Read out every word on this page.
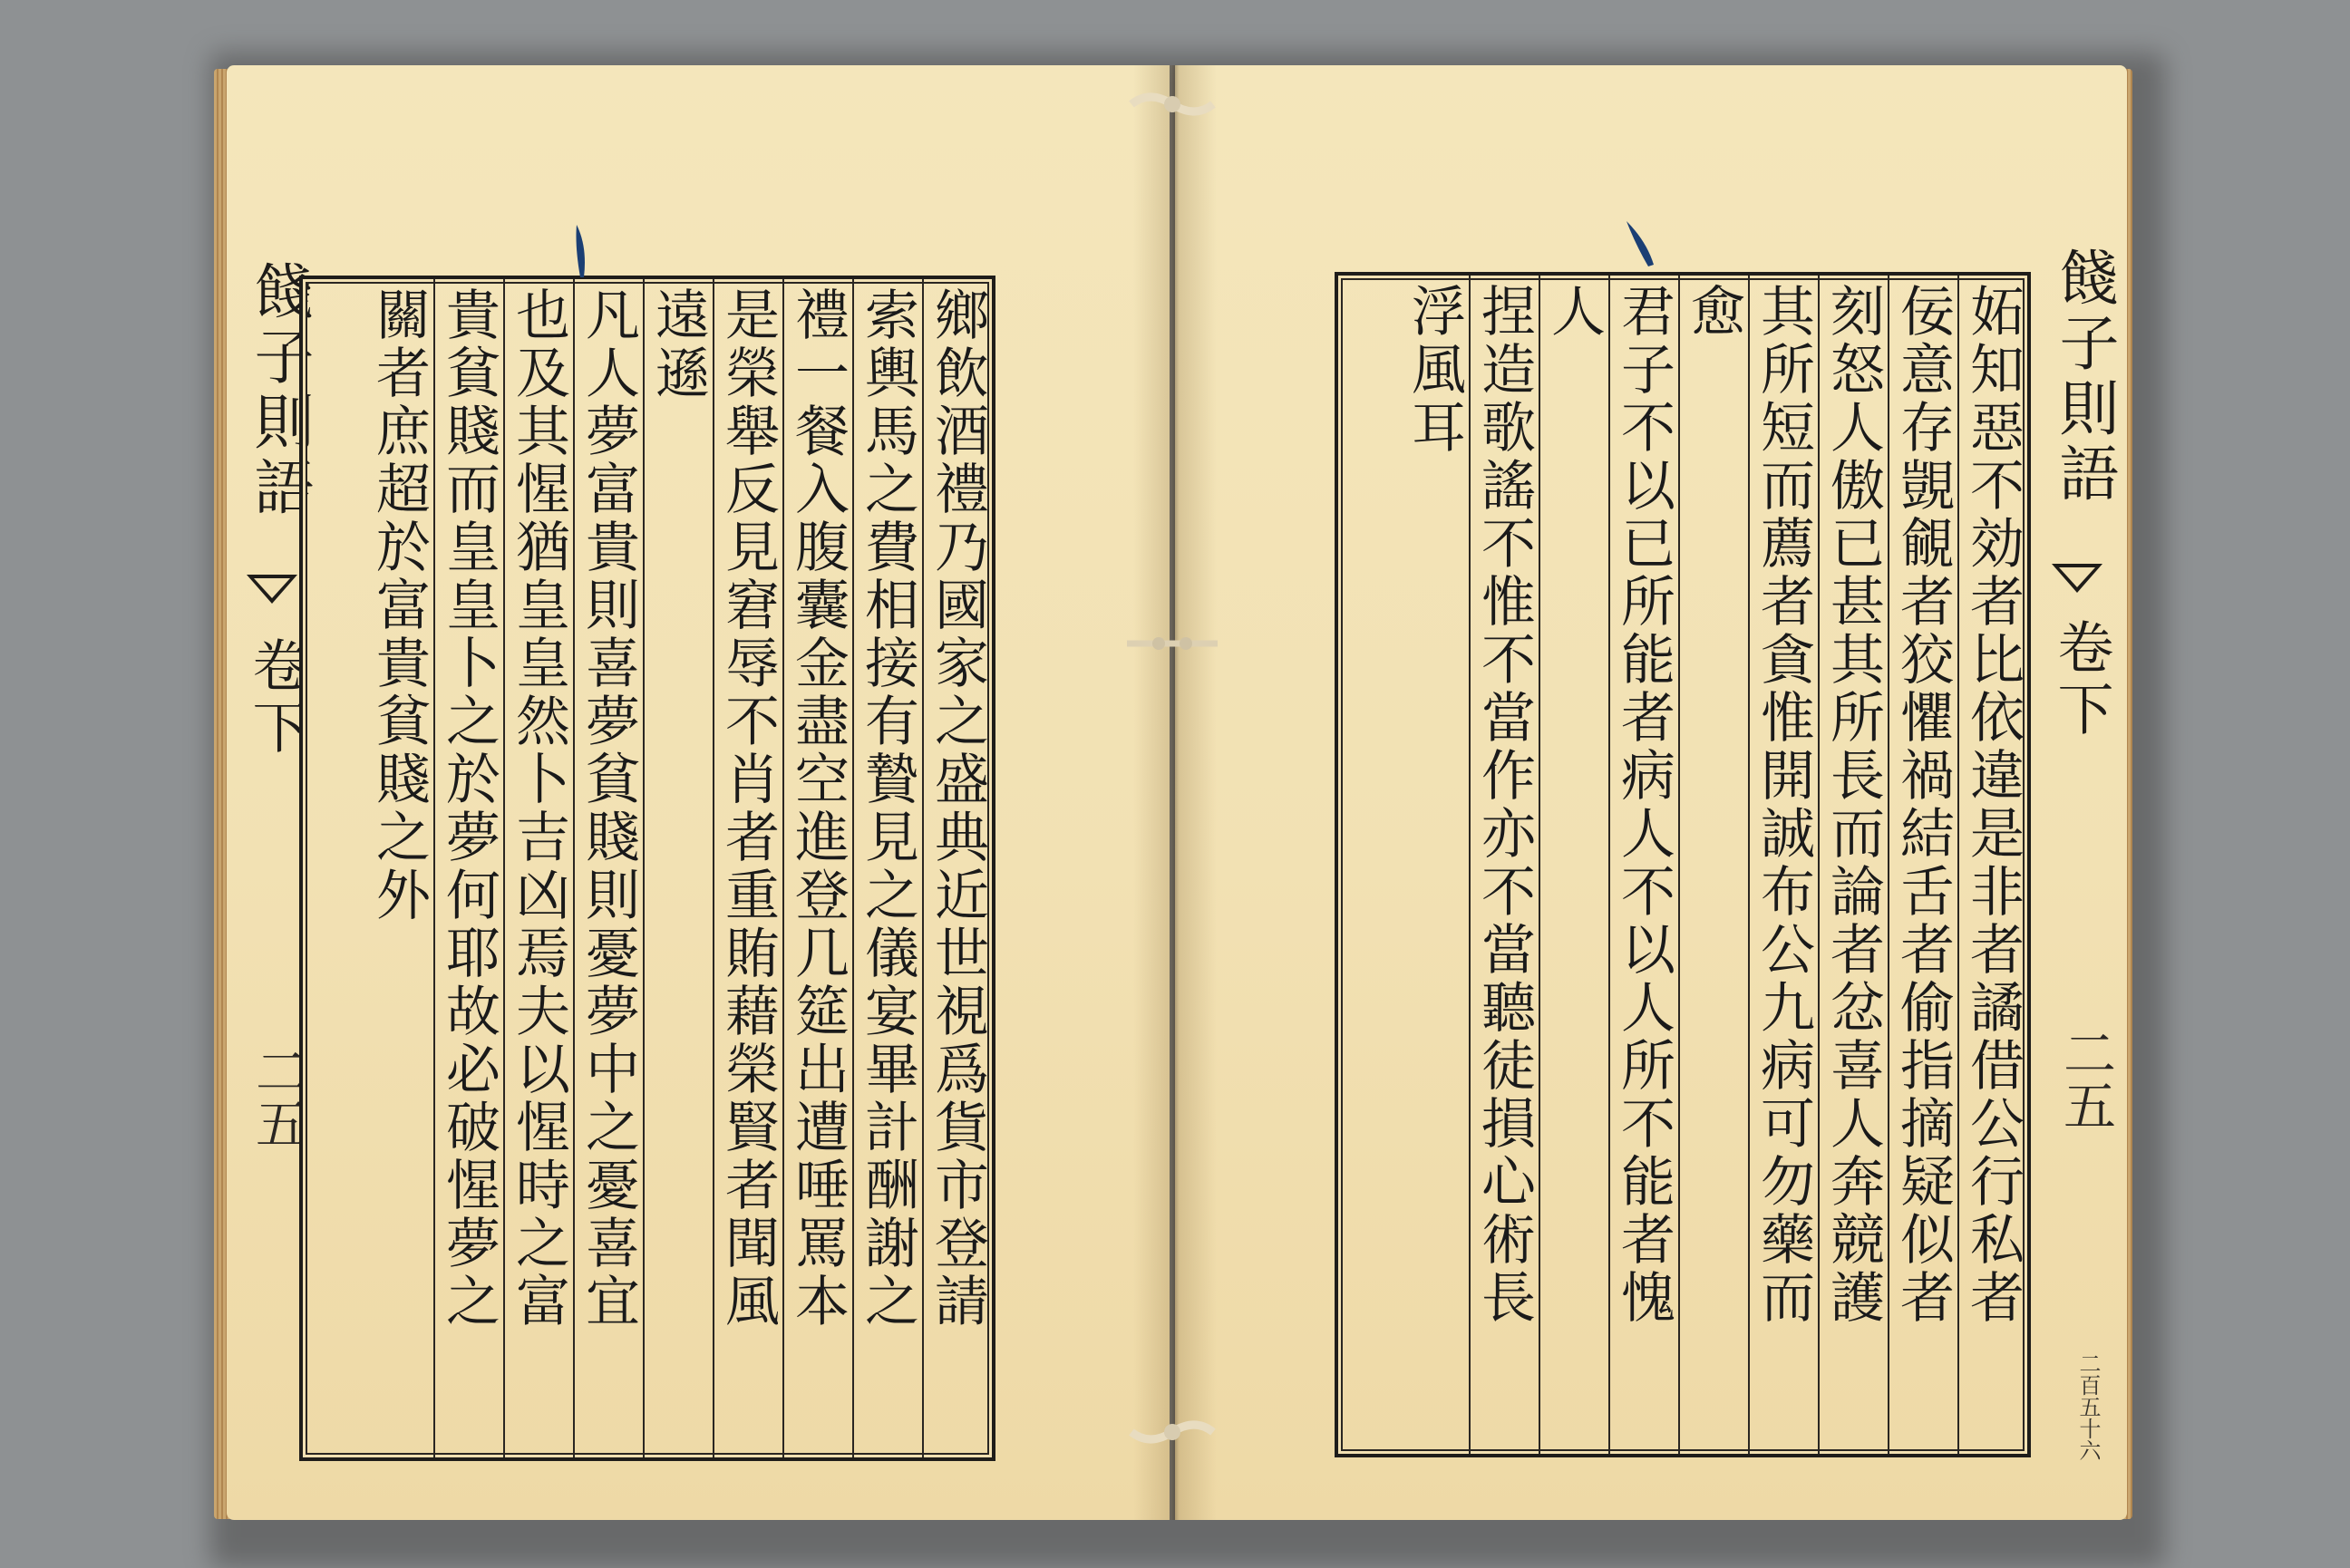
餞子則語
卷下
二五	鄉飲酒禮乃國家之盛典近世視爲貨市登請
索輿馬之費相接有贄見之儀宴畢計酬謝之
禮一餐入腹囊金盡空進登几筵出遭唾罵本
是榮舉反見窘辱不肖者重賄藉榮賢者聞風
遠遜
凡人夢富貴則喜夢貧賤則憂夢中之憂喜宜
也及其惺猶皇皇然卜吉凶焉夫以惺時之富
貴貧賤而皇皇卜之於夢何耶故必破惺夢之
關者庶超於富貴貧賤之外	妬知惡不効者比依違是非者譎借公行私者
佞意存覬覦者狡懼禍結舌者偷指摘疑似者
刻怒人傲已甚其所長而論者忿喜人奔競護
其所短而薦者貪惟開誠布公九病可勿藥而
愈
君子不以已所能者病人不以人所不能者愧
人
捏造歌謠不惟不當作亦不當聽徒損心術長
浮風耳	餞子則語
卷下
二五
二百五十六
